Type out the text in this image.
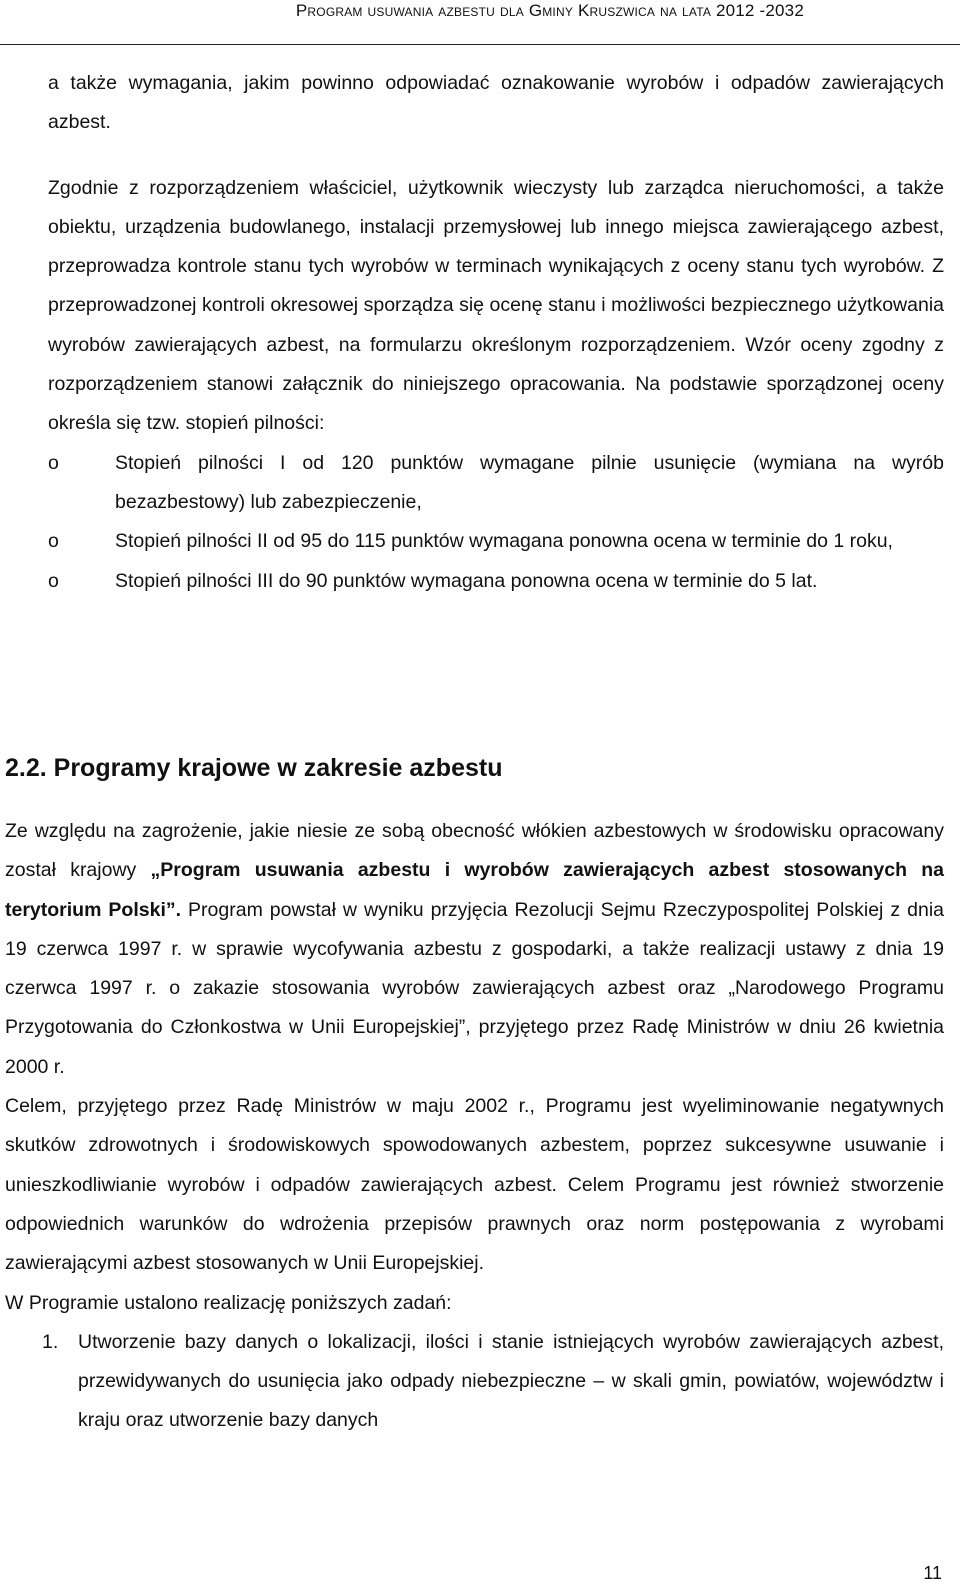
Program usuwania azbestu dla Gminy Kruszwica na lata 2012 -2032

a także wymagania, jakim powinno odpowiadać oznakowanie wyrobów i odpadów zawierających azbest.

Zgodnie z rozporządzeniem właściciel, użytkownik wieczysty lub zarządca nieruchomości, a także obiektu, urządzenia budowlanego, instalacji przemysłowej lub innego miejsca zawierającego azbest, przeprowadza kontrole stanu tych wyrobów w terminach wynikających z oceny stanu tych wyrobów. Z przeprowadzonej kontroli okresowej sporządza się ocenę stanu i możliwości bezpiecznego użytkowania wyrobów zawierających azbest, na formularzu określonym rozporządzeniem. Wzór oceny zgodny z rozporządzeniem stanowi załącznik do niniejszego opracowania. Na podstawie sporządzonej oceny określa się tzw. stopień pilności:

o	Stopień pilności I od 120 punktów wymagane pilnie usunięcie (wymiana na wyrób bezazbestowy) lub zabezpieczenie,
o	Stopień pilności II od 95 do 115 punktów wymagana ponowna ocena w terminie do 1 roku,
o	Stopień pilności III do 90 punktów wymagana ponowna ocena w terminie do 5 lat.
2.2. Programy krajowe w zakresie azbestu

Ze względu na zagrożenie, jakie niesie ze sobą obecność włókien azbestowych w środowisku opracowany został krajowy „Program usuwania azbestu i wyrobów zawierających azbest stosowanych na terytorium Polski”. Program powstał w wyniku przyjęcia Rezolucji Sejmu Rzeczypospolitej Polskiej z dnia 19 czerwca 1997 r. w sprawie wycofywania azbestu z gospodarki, a także realizacji ustawy z dnia 19 czerwca 1997 r. o zakazie stosowania wyrobów zawierających azbest oraz „Narodowego Programu Przygotowania do Członkostwa w Unii Europejskiej”, przyjętego przez Radę Ministrów w dniu 26 kwietnia 2000 r.

Celem, przyjętego przez Radę Ministrów w maju 2002 r., Programu jest wyeliminowanie negatywnych skutków zdrowotnych i środowiskowych spowodowanych azbestem, poprzez sukcesywne usuwanie i unieszkodliwianie wyrobów i odpadów zawierających azbest. Celem Programu jest również stworzenie odpowiednich warunków do wdrożenia przepisów prawnych oraz norm postępowania z wyrobami zawierającymi azbest stosowanych w Unii Europejskiej.

W Programie ustalono realizację poniższych zadań:

1. Utworzenie bazy danych o lokalizacji, ilości i stanie istniejących wyrobów zawierających azbest, przewidywanych do usunięcia jako odpady niebezpieczne – w skali gmin, powiatów, województw i kraju oraz utworzenie bazy danych
11
